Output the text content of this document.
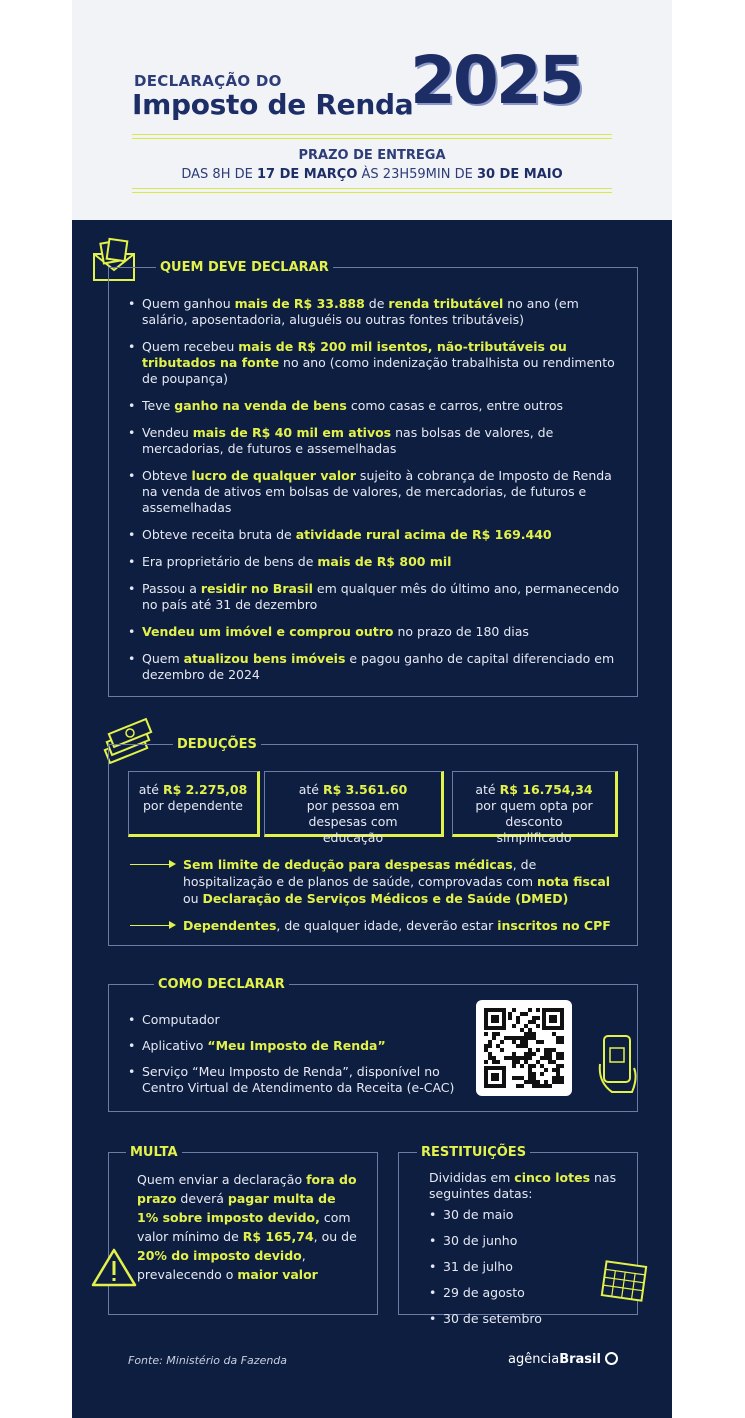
DECLARAÇÃO DO
Imposto de Renda
2025
PRAZO DE ENTREGA
DAS 8H DE 17 DE MARÇO ÀS 23H59MIN DE 30 DE MAIO
QUEM DEVE DECLARAR
• Quem ganhou mais de R$ 33.888 de renda tributável no ano (em salário, aposentadoria, aluguéis ou outras fontes tributáveis)
• Quem recebeu mais de R$ 200 mil isentos, não-tributáveis ou tributados na fonte no ano (como indenização trabalhista ou rendimento de poupança)
• Teve ganho na venda de bens como casas e carros, entre outros
• Vendeu mais de R$ 40 mil em ativos nas bolsas de valores, de mercadorias, de futuros e assemelhadas
• Obteve lucro de qualquer valor sujeito à cobrança de Imposto de Renda na venda de ativos em bolsas de valores, de mercadorias, de futuros e assemelhadas
• Obteve receita bruta de atividade rural acima de R$ 169.440
• Era proprietário de bens de mais de R$ 800 mil
• Passou a residir no Brasil em qualquer mês do último ano, permanecendo no país até 31 de dezembro
• Vendeu um imóvel e comprou outro no prazo de 180 dias
• Quem atualizou bens imóveis e pagou ganho de capital diferenciado em dezembro de 2024
DEDUÇÕES
até R$ 2.275,08
por dependente
até R$ 3.561.60
por pessoa em despesas com educação
até R$ 16.754,34
por quem opta por desconto simplificado
Sem limite de dedução para despesas médicas, de hospitalização e de planos de saúde, comprovadas com nota fiscal ou Declaração de Serviços Médicos e de Saúde (DMED)
Dependentes, de qualquer idade, deverão estar inscritos no CPF
COMO DECLARAR
• Computador
• Aplicativo “Meu Imposto de Renda”
• Serviço “Meu Imposto de Renda”, disponível no Centro Virtual de Atendimento da Receita (e-CAC)
MULTA
Quem enviar a declaração fora do prazo deverá pagar multa de 1% sobre imposto devido, com valor mínimo de R$ 165,74, ou de 20% do imposto devido, prevalecendo o maior valor
RESTITUIÇÕES
Divididas em cinco lotes nas seguintes datas:
• 30 de maio
• 30 de junho
• 31 de julho
• 29 de agosto
• 30 de setembro
Fonte: Ministério da Fazenda	agênciaBrasil
